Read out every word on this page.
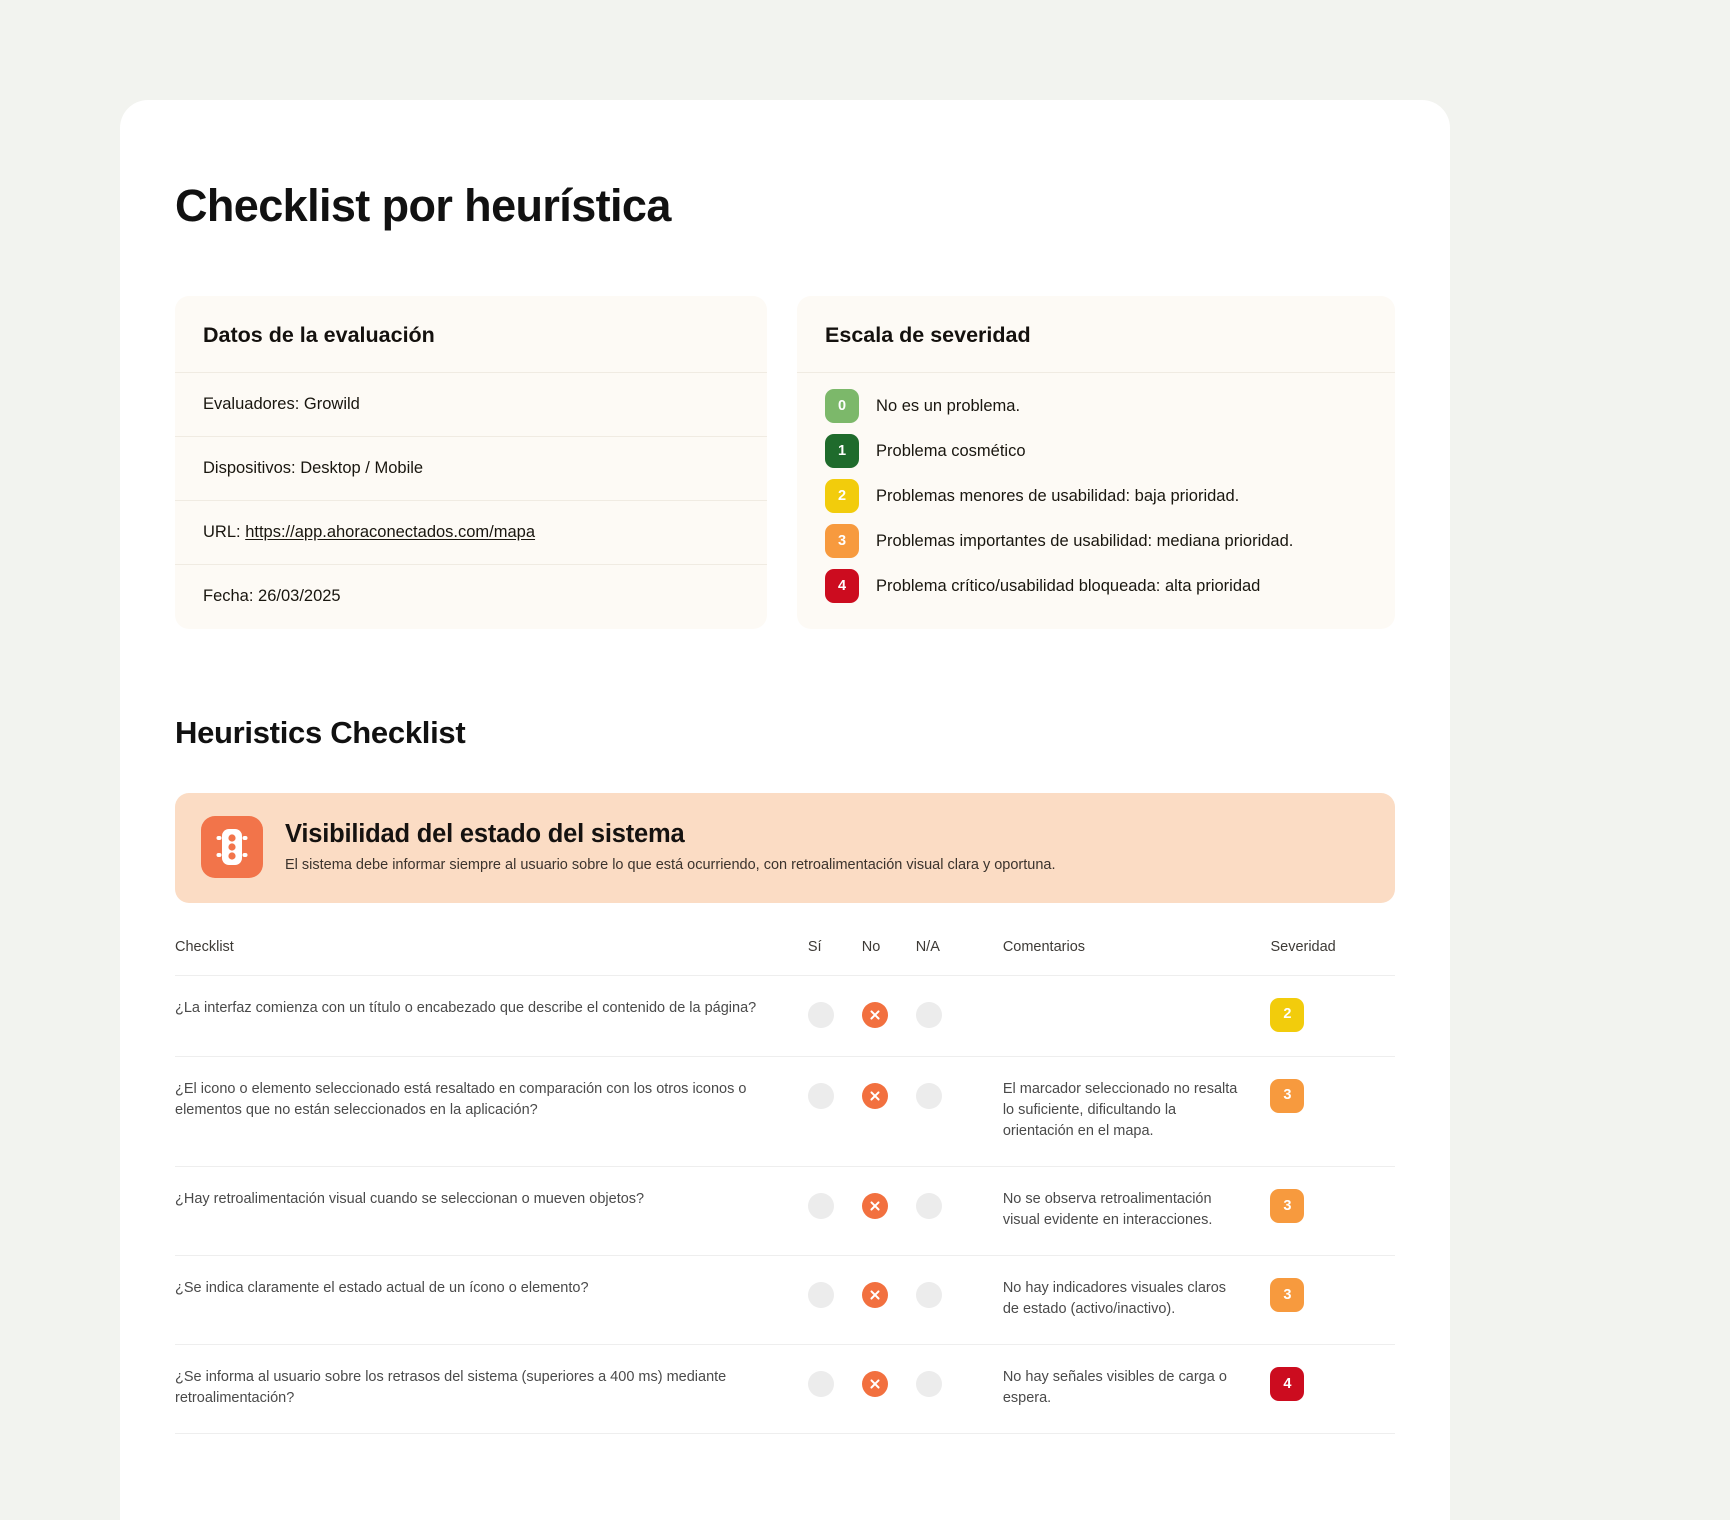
Checklist por heurística
Datos de la evaluación
Evaluadores: Growild
Dispositivos: Desktop / Mobile
URL: https://app.ahoraconectados.com/mapa
Fecha: 26/03/2025
Escala de severidad
0	No es un problema.
1	Problema cosmético
2	Problemas menores de usabilidad: baja prioridad.
3	Problemas importantes de usabilidad: mediana prioridad.
4	Problema crítico/usabilidad bloqueada: alta prioridad
Heuristics Checklist
Visibilidad del estado del sistema
El sistema debe informar siempre al usuario sobre lo que está ocurriendo, con retroalimentación visual clara y oportuna.
Checklist	Sí	No	N/A		Comentarios	Severidad

¿La interfaz comienza con un título o encabezado que describe el contenido de la página?						2

¿El icono o elemento seleccionado está resaltado en comparación con los otros iconos o elementos que no están seleccionados en la aplicación?					El marcador seleccionado no resalta lo suficiente, dificultando la orientación en el mapa.	3

¿Hay retroalimentación visual cuando se seleccionan o mueven objetos?					No se observa retroalimentación visual evidente en interacciones.	3

¿Se indica claramente el estado actual de un ícono o elemento?					No hay indicadores visuales claros de estado (activo/inactivo).	3

¿Se informa al usuario sobre los retrasos del sistema (superiores a 400 ms) mediante retroalimentación?					No hay señales visibles de carga o espera.	4
